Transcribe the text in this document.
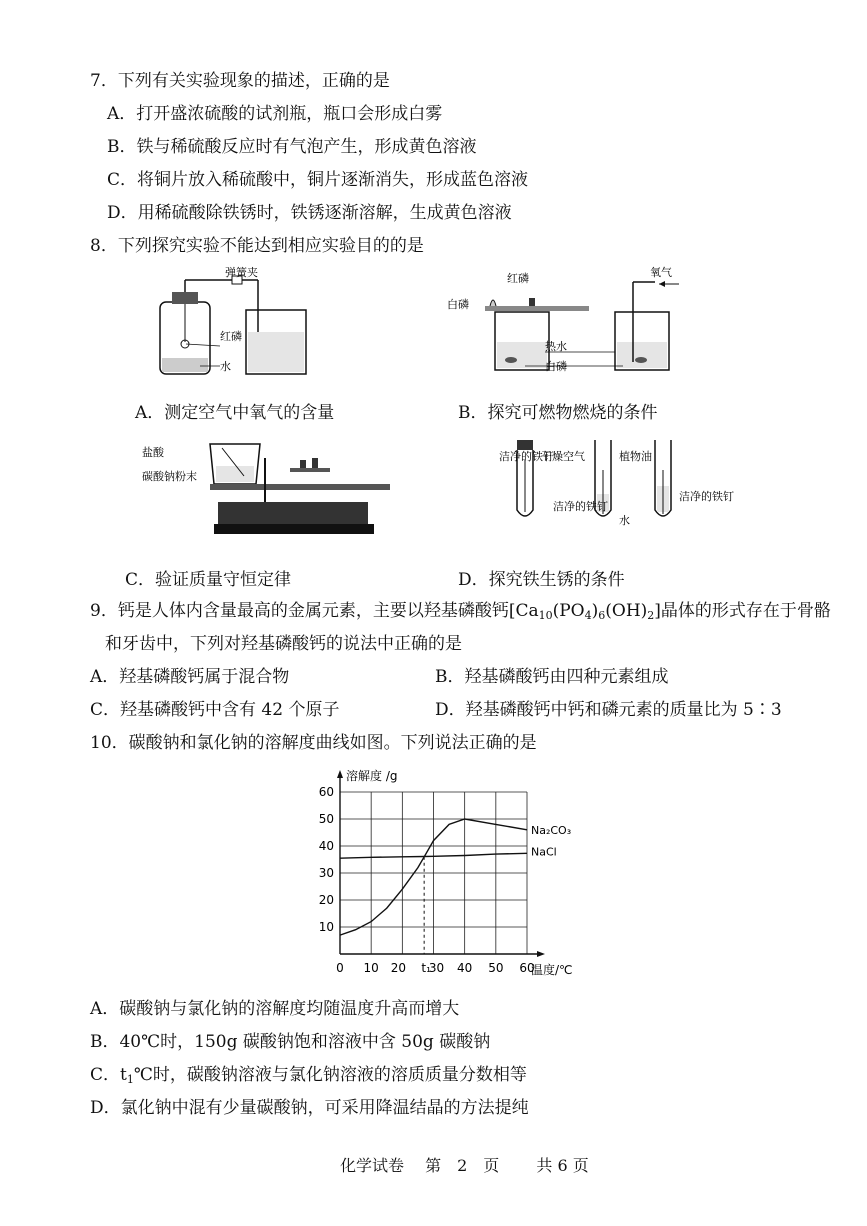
7．下列有关实验现象的描述，正确的是
A．打开盛浓硫酸的试剂瓶，瓶口会形成白雾
B．铁与稀硫酸反应时有气泡产生，形成黄色溶液
C．将铜片放入稀硫酸中，铜片逐渐消失，形成蓝色溶液
D．用稀硫酸除铁锈时，铁锈逐渐溶解，生成黄色溶液
8．下列探究实验不能达到相应实验目的的是
弹簧夹
红磷
水
A．测定空气中氧气的含量
红磷
白磷
热水
白磷
氧气
B．探究可燃物燃烧的条件
盐酸
碳酸钠粉末
C．验证质量守恒定律
洁净的铁钉
干燥空气	植物油
洁净的铁钉
水
洁净的铁钉
D．探究铁生锈的条件
9．钙是人体内含量最高的金属元素，主要以羟基磷酸钙$[Ca_{10}(PO_4)_6(OH)_2]$晶体的形式存在于骨骼
和牙齿中，下列对羟基磷酸钙的说法中正确的是
A．羟基磷酸钙属于混合物	B．羟基磷酸钙由四种元素组成
C．羟基磷酸钙中含有 42 个原子	D．羟基磷酸钙中钙和磷元素的质量比为 5∶3
10．碳酸钠和氯化钠的溶解度曲线如图。下列说法正确的是
10
20
30
40
50
60
0 10 20 t₁
30 40 50 60
溶解度 /g
温度/℃
Na₂CO₃
NaCl
A．碳酸钠与氯化钠的溶解度均随温度升高而增大
B．40℃时，150g 碳酸钠饱和溶液中含 50g 碳酸钠
C．$t_1℃$时，碳酸钠溶液与氯化钠溶液的溶质质量分数相等
D．氯化钠中混有少量碳酸钠，可采用降温结晶的方法提纯
化学试卷　 第　2　页　　 共 6 页
